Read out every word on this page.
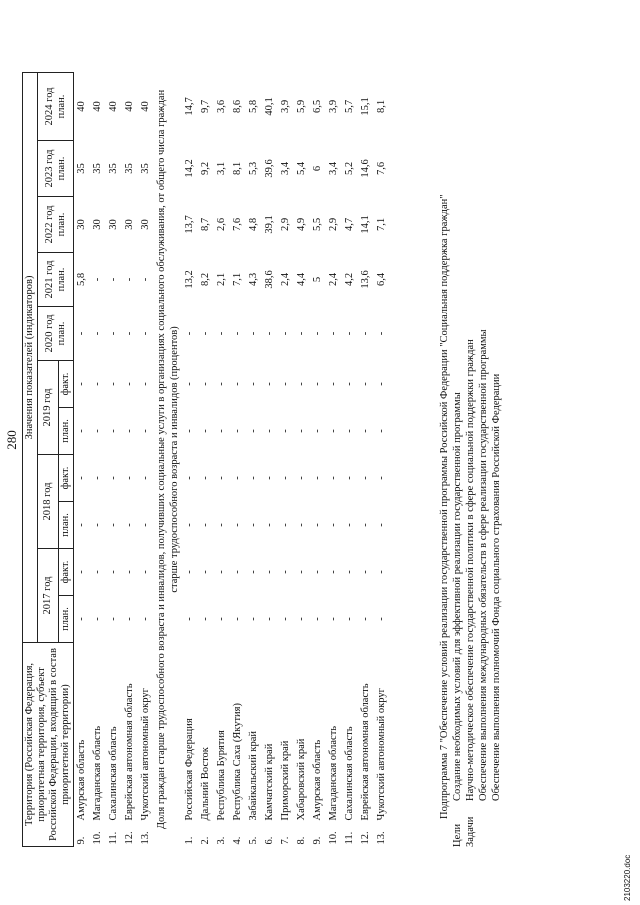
280
Территория (Российская Федерация, приоритетная территория, субъект Российской Федерации, входящий в состав приоритетной территории)		Значения показателей (индикаторов)										
		2017 год		2018 год		2019 год		2020 год план.	2021 год план.	2022 год план.	2023 год план.	2024 год план.
		план.	факт.	план.	факт.	план.	факт.					
9.	Амурская область	-	-	-	-	-	-	-	5,8	30	35	40
10.	Магаданская область	-	-	-	-	-	-	-	-	30	35	40
11.	Сахалинская область	-	-	-	-	-	-	-	-	30	35	40
12.	Еврейская автономная область	-	-	-	-	-	-	-	-	30	35	40
13.	Чукотский автономный округ	-	-	-	-	-	-	-	-	30	35	40
Доля граждан старше трудоспособного возраста и инвалидов, получивших социальные услуги в организациях социального обслуживания, от общего числа граждан старше трудоспособного возраста и инвалидов (процентов)												
1.	Российская Федерация	-	-	-	-	-	-	-	13,2	13,7	14,2	14,7
2.	Дальний Восток	-	-	-	-	-	-	-	8,2	8,7	9,2	9,7
3.	Республика Бурятия	-	-	-	-	-	-	-	2,1	2,6	3,1	3,6
4.	Республика Саха (Якутия)	-	-	-	-	-	-	-	7,1	7,6	8,1	8,6
5.	Забайкальский край	-	-	-	-	-	-	-	4,3	4,8	5,3	5,8
6.	Камчатский край	-	-	-	-	-	-	-	38,6	39,1	39,6	40,1
7.	Приморский край	-	-	-	-	-	-	-	2,4	2,9	3,4	3,9
8.	Хабаровский край	-	-	-	-	-	-	-	4,4	4,9	5,4	5,9
9.	Амурская область	-	-	-	-	-	-	-	5	5,5	6	6,5
10.	Магаданская область	-	-	-	-	-	-	-	2,4	2,9	3,4	3,9
11.	Сахалинская область	-	-	-	-	-	-	-	4,2	4,7	5,2	5,7
12.	Еврейская автономная область	-	-	-	-	-	-	-	13,6	14,1	14,6	15,1
13.	Чукотский автономный округ	-	-	-	-	-	-	-	6,4	7,1	7,6	8,1
Подпрограмма 7 "Обеспечение условий реализации государственной программы Российской Федерации "Социальная поддержка граждан"
Цели
Создание необходимых условий для эффективной реализации государственной программы
Задачи
Научно-методическое обеспечение государственной политики в сфере социальной поддержки граждан Обеспечение выполнения международных обязательств в сфере реализации государственной программы Обеспечение выполнения полномочий Фонда социального страхования Российской Федерации
2103220.doc
